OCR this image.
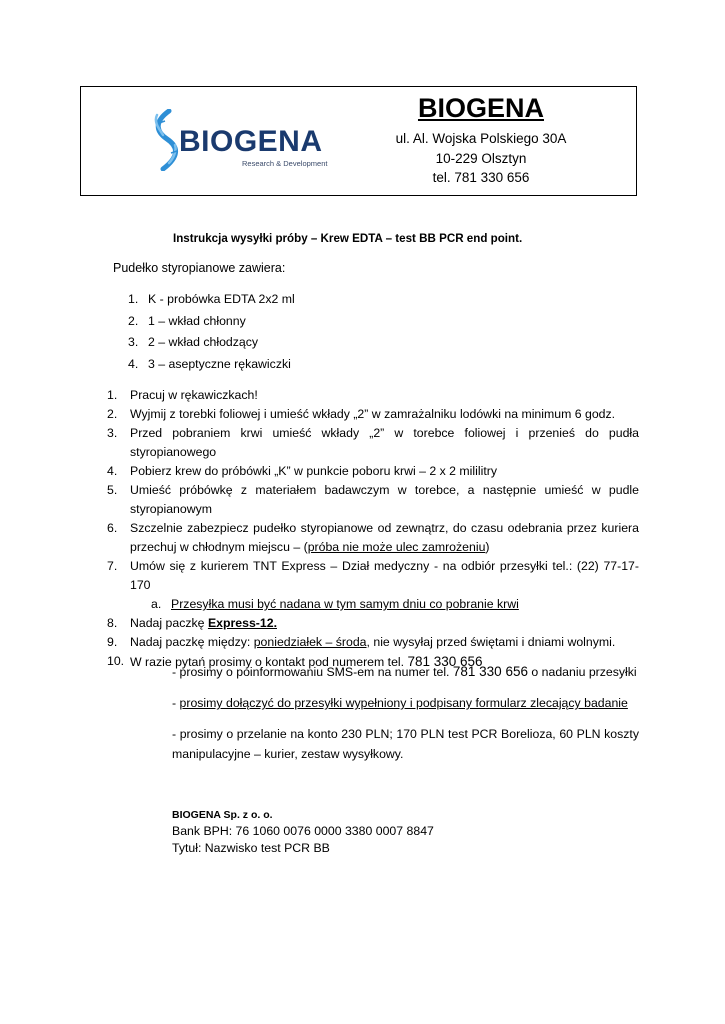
BIOGENA
Research & Development
BIOGENA
ul. Al. Wojska Polskiego 30A
10-229 Olsztyn
tel. 781 330 656
Instrukcja wysyłki próby – Krew EDTA – test BB PCR end point.
Pudełko styropianowe zawiera:
1. K - probówka EDTA 2x2 ml
2. 1 – wkład chłonny
3. 2 – wkład chłodzący
4. 3 – aseptyczne rękawiczki
1. Pracuj w rękawiczkach!
2. Wyjmij z torebki foliowej i umieść wkłady „2” w zamrażalniku lodówki na minimum 6 godz.
3. Przed pobraniem krwi umieść wkłady „2” w torebce foliowej i przenieś do pudła styropianowego
4. Pobierz krew do próbówki „K” w punkcie poboru krwi – 2 x 2 mililitry
5. Umieść próbówkę z materiałem badawczym w torebce, a następnie umieść w pudle styropianowym
6. Szczelnie zabezpiecz pudełko styropianowe od zewnątrz, do czasu odebrania przez kuriera przechuj w chłodnym miejscu – (próba nie może ulec zamrożeniu)
7. Umów się z kurierem TNT Express – Dział medyczny - na odbiór przesyłki tel.: (22) 77-17-170
a. Przesyłka musi być nadana w tym samym dniu co pobranie krwi
8. Nadaj paczkę Express-12.
9. Nadaj paczkę między: poniedziałek – środa, nie wysyłaj przed świętami i dniami wolnymi.
10. W razie pytań prosimy o kontakt pod numerem tel. 781 330 656
- prosimy o poinformowaniu SMS-em na numer tel. 781 330 656 o nadaniu przesyłki
- prosimy dołączyć do przesyłki wypełniony i podpisany formularz zlecający badanie
- prosimy o przelanie na konto 230 PLN; 170 PLN test PCR Borelioza, 60 PLN koszty manipulacyjne – kurier, zestaw wysyłkowy.
BIOGENA Sp. z o. o.
Bank BPH: 76 1060 0076 0000 3380 0007 8847
Tytuł: Nazwisko test PCR BB
